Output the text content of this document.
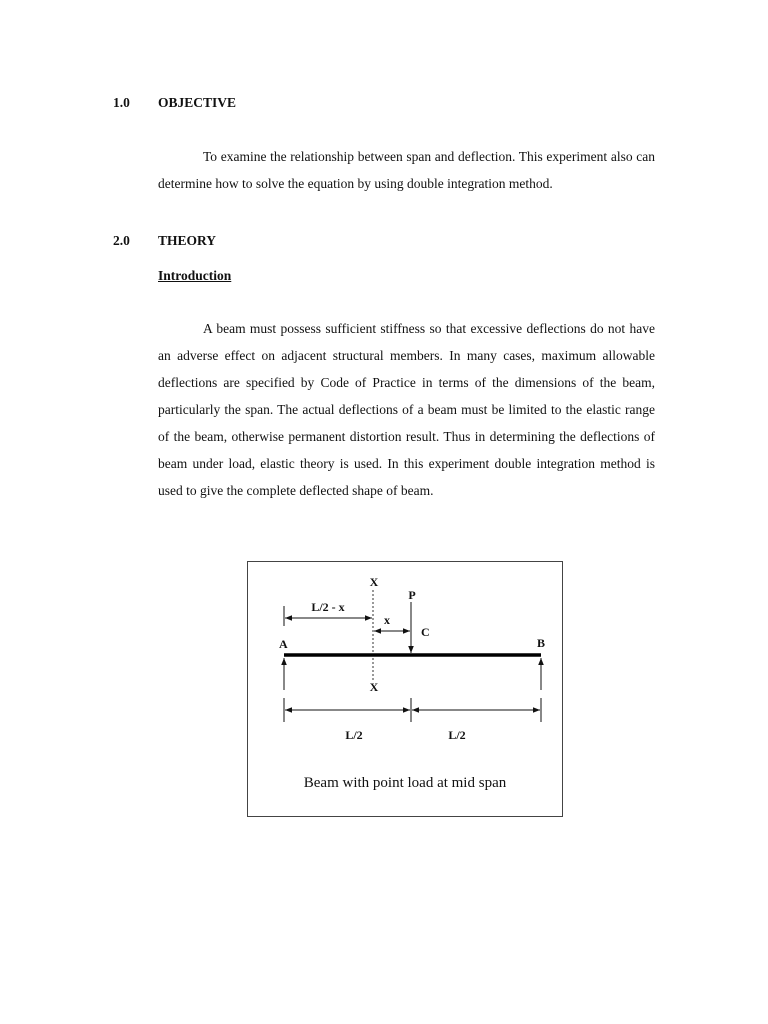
1.0 OBJECTIVE

To examine the relationship between span and deflection. This experiment also can determine how to solve the equation by using double integration method.

2.0 THEORY
Introduction

A beam must possess sufficient stiffness so that excessive deflections do not have an adverse effect on adjacent structural members. In many cases, maximum allowable deflections are specified by Code of Practice in terms of the dimensions of the beam, particularly the span. The actual deflections of a beam must be limited to the elastic range of the beam, otherwise permanent distortion result. Thus in determining the deflections of beam under load, elastic theory is used. In this experiment double integration method is used to give the complete deflected shape of beam.

X
P
L/2 - x
x
C
A	B
X
L/2	L/2
Beam with point load at mid span
